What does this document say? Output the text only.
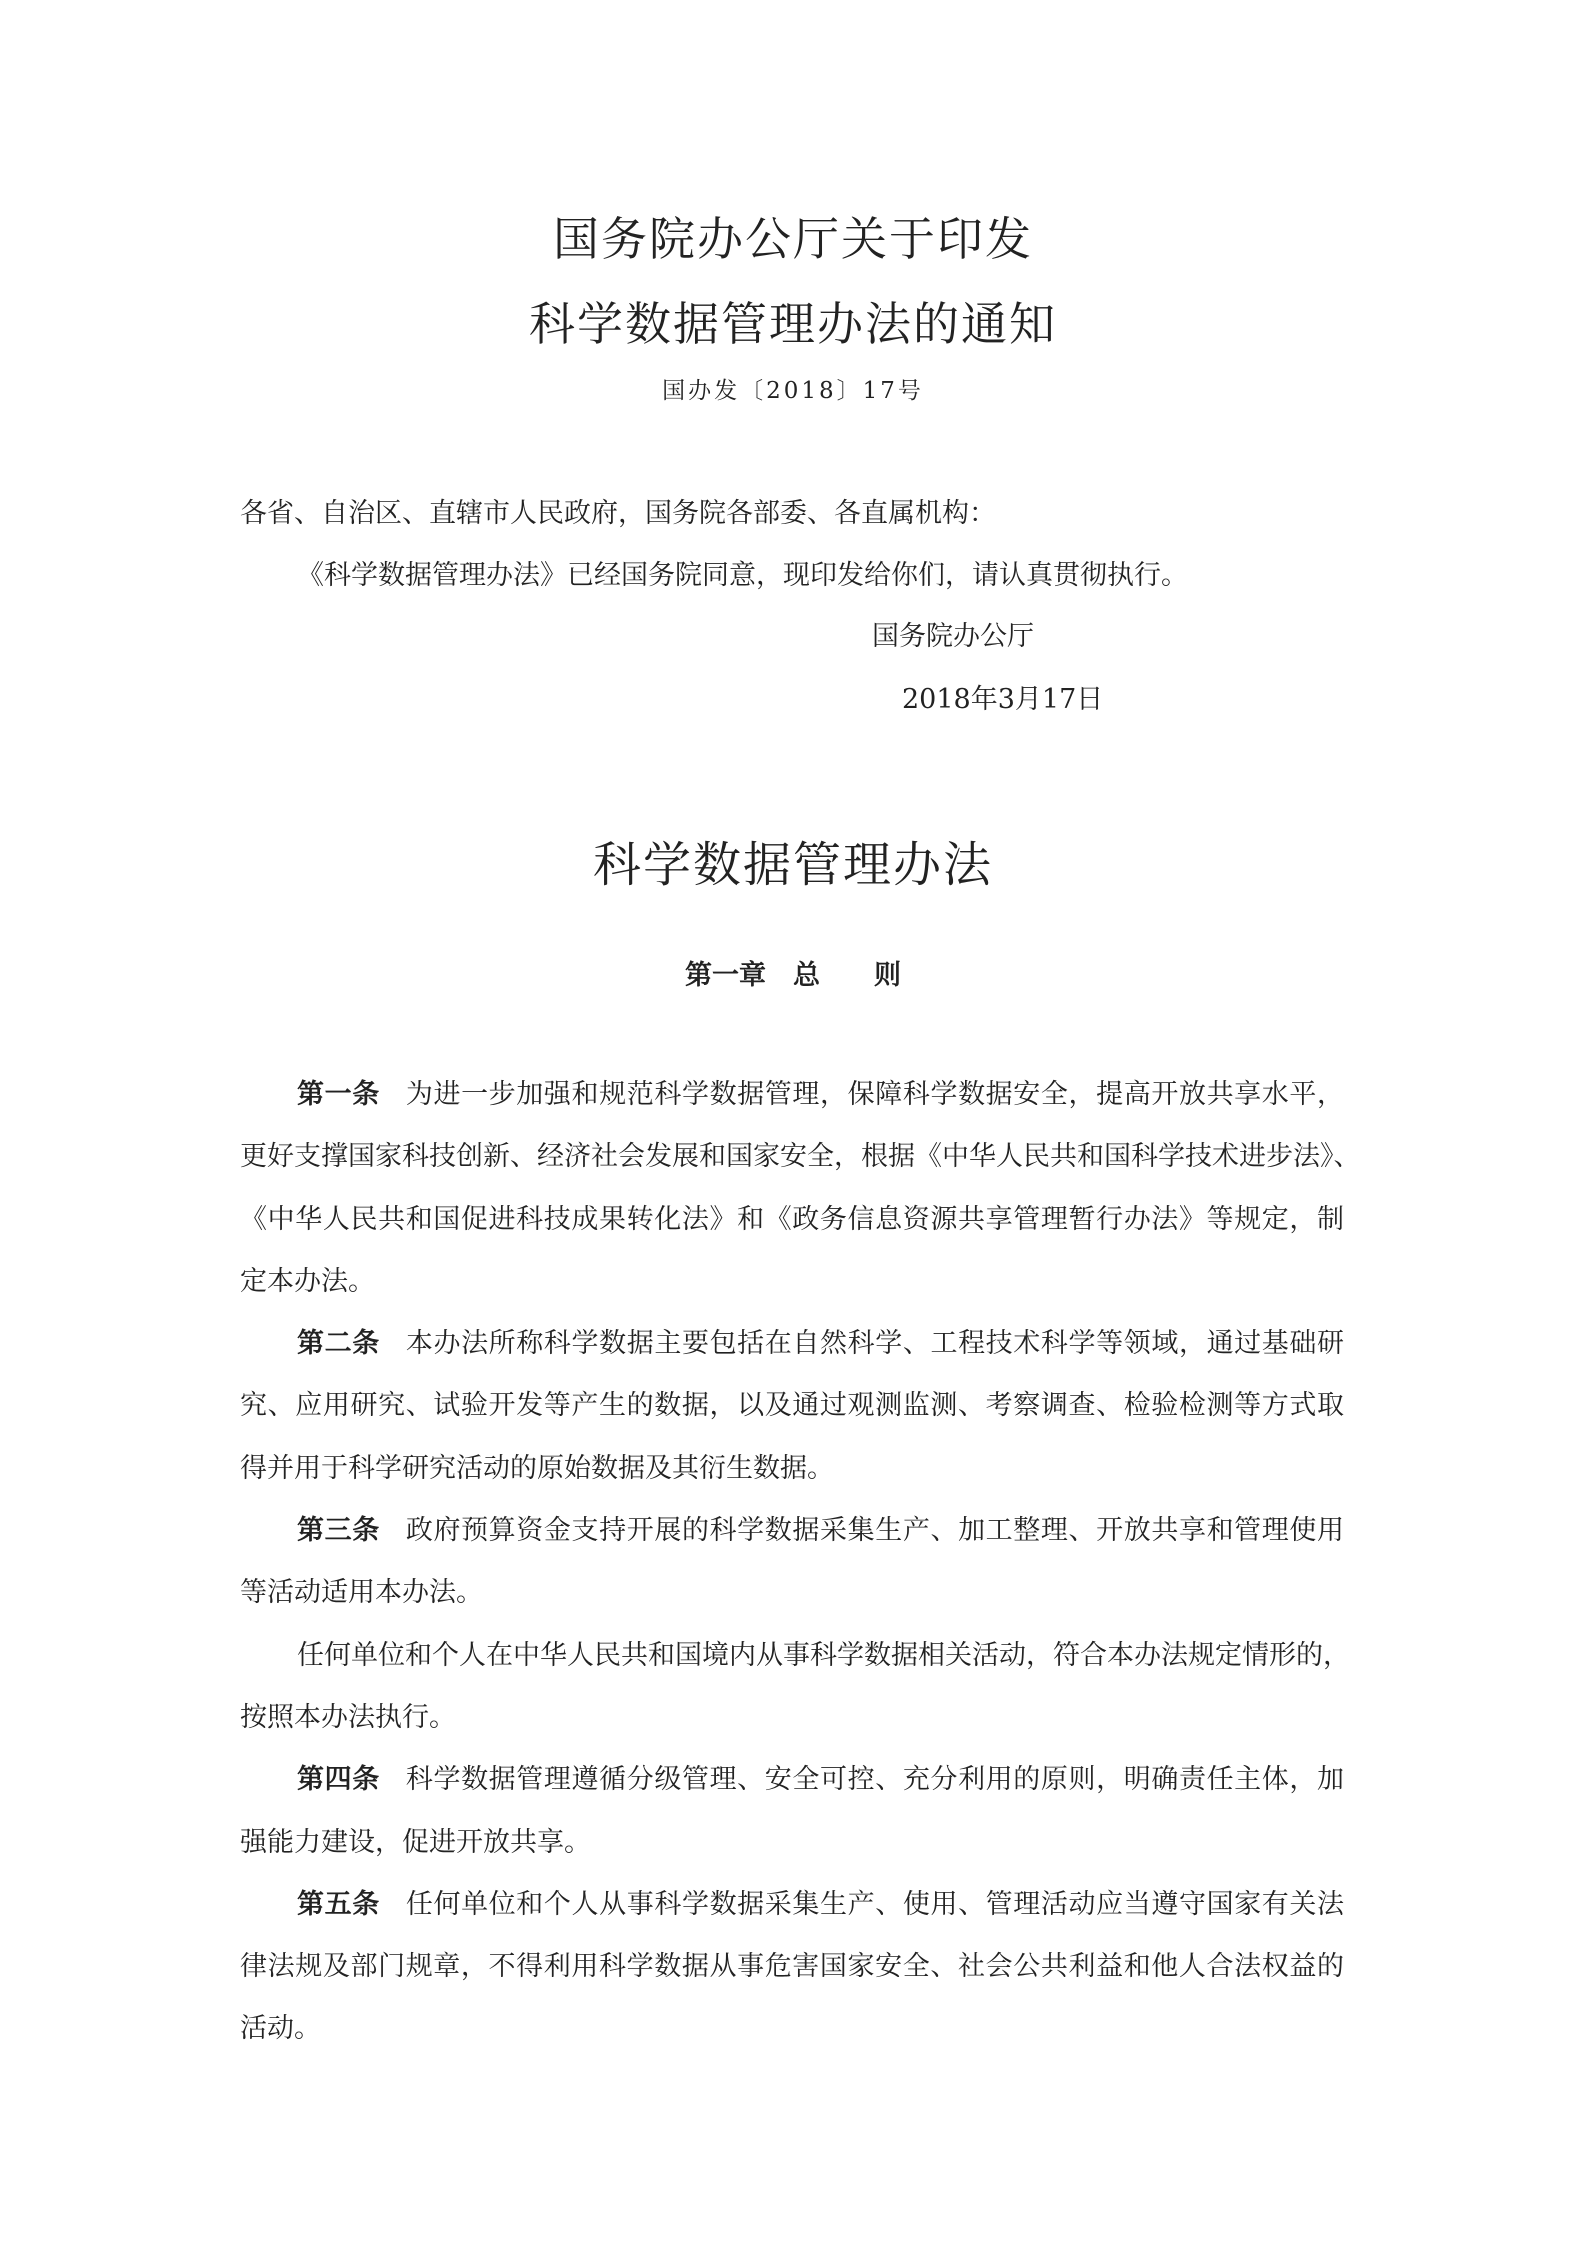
国务院办公厅关于印发
科学数据管理办法的通知
国办发〔2018〕17号
各省、自治区、直辖市人民政府，国务院各部委、各直属机构：
《科学数据管理办法》已经国务院同意，现印发给你们，请认真贯彻执行。
国务院办公厅
2018年3月17日
科学数据管理办法
第一章　总　　则
第一条 为进一步加强和规范科学数据管理，保障科学数据安全，提高开放共享水平，
更好支撑国家科技创新、经济社会发展和国家安全，根据《中华人民共和国科学技术进步法》、
《中华人民共和国促进科技成果转化法》和《政务信息资源共享管理暂行办法》等规定，制
定本办法。
第二条 本办法所称科学数据主要包括在自然科学、工程技术科学等领域，通过基础研
究、应用研究、试验开发等产生的数据，以及通过观测监测、考察调查、检验检测等方式取
得并用于科学研究活动的原始数据及其衍生数据。
第三条 政府预算资金支持开展的科学数据采集生产、加工整理、开放共享和管理使用
等活动适用本办法。
任何单位和个人在中华人民共和国境内从事科学数据相关活动，符合本办法规定情形的，
按照本办法执行。
第四条 科学数据管理遵循分级管理、安全可控、充分利用的原则，明确责任主体，加
强能力建设，促进开放共享。
第五条 任何单位和个人从事科学数据采集生产、使用、管理活动应当遵守国家有关法
律法规及部门规章，不得利用科学数据从事危害国家安全、社会公共利益和他人合法权益的
活动。
